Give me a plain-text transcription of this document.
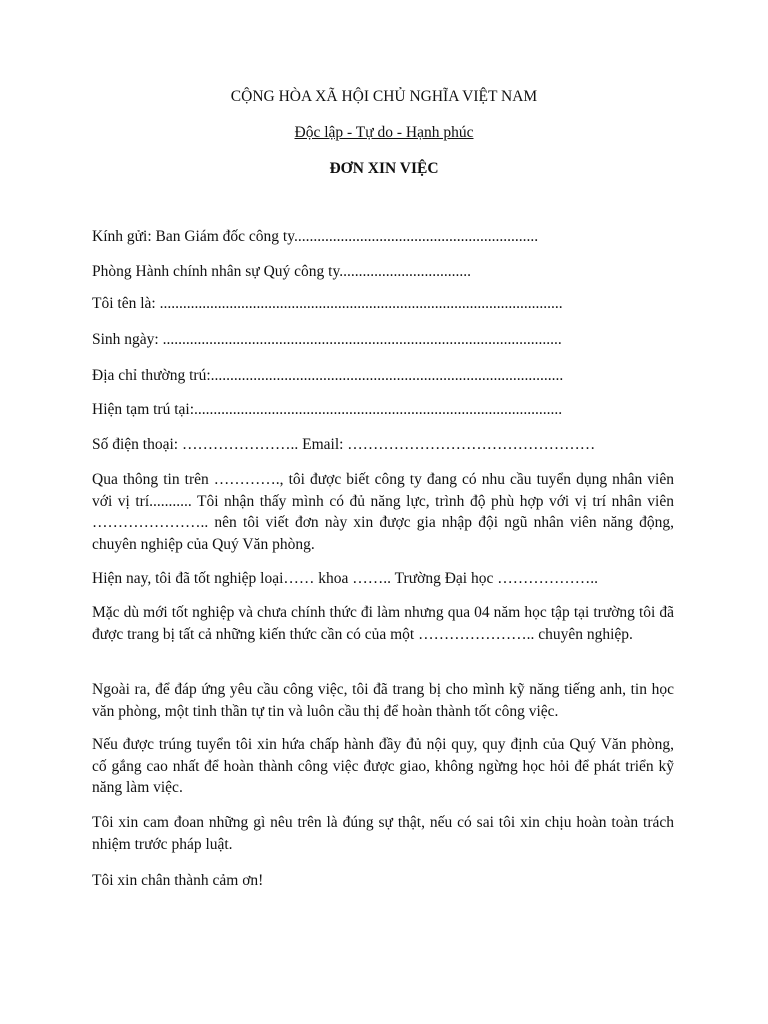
CỘNG HÒA XÃ HỘI CHỦ NGHĨA VIỆT NAM
Độc lập - Tự do - Hạnh phúc
ĐƠN XIN VIỆC
Kính gửi: Ban Giám đốc công ty...............................................................
Phòng Hành chính nhân sự Quý công ty..................................
Tôi tên là: ........................................................................................................
Sinh ngày: .......................................................................................................
Địa chỉ thường trú:...........................................................................................
Hiện tạm trú tại:...............................................................................................
Số điện thoại: ………………….. Email: …………………………………………

Qua thông tin trên …………., tôi được biết công ty đang có nhu cầu tuyển dụng nhân viên với vị trí........... Tôi nhận thấy mình có đủ năng lực, trình độ phù hợp với vị trí nhân viên ………………….. nên tôi viết đơn này xin được gia nhập đội ngũ nhân viên năng động, chuyên nghiệp của Quý Văn phòng.

Hiện nay, tôi đã tốt nghiệp loại…… khoa …….. Trường Đại học ………………..

Mặc dù mới tốt nghiệp và chưa chính thức đi làm nhưng qua 04 năm học tập tại trường tôi đã được trang bị tất cả những kiến thức cần có của một ………………….. chuyên nghiệp.

Ngoài ra, để đáp ứng yêu cầu công việc, tôi đã trang bị cho mình kỹ năng tiếng anh, tin học văn phòng, một tinh thần tự tin và luôn cầu thị để hoàn thành tốt công việc.

Nếu được trúng tuyển tôi xin hứa chấp hành đầy đủ nội quy, quy định của Quý Văn phòng, cố gắng cao nhất để hoàn thành công việc được giao, không ngừng học hỏi để phát triển kỹ năng làm việc.

Tôi xin cam đoan những gì nêu trên là đúng sự thật, nếu có sai tôi xin chịu hoàn toàn trách nhiệm trước pháp luật.

Tôi xin chân thành cảm ơn!
